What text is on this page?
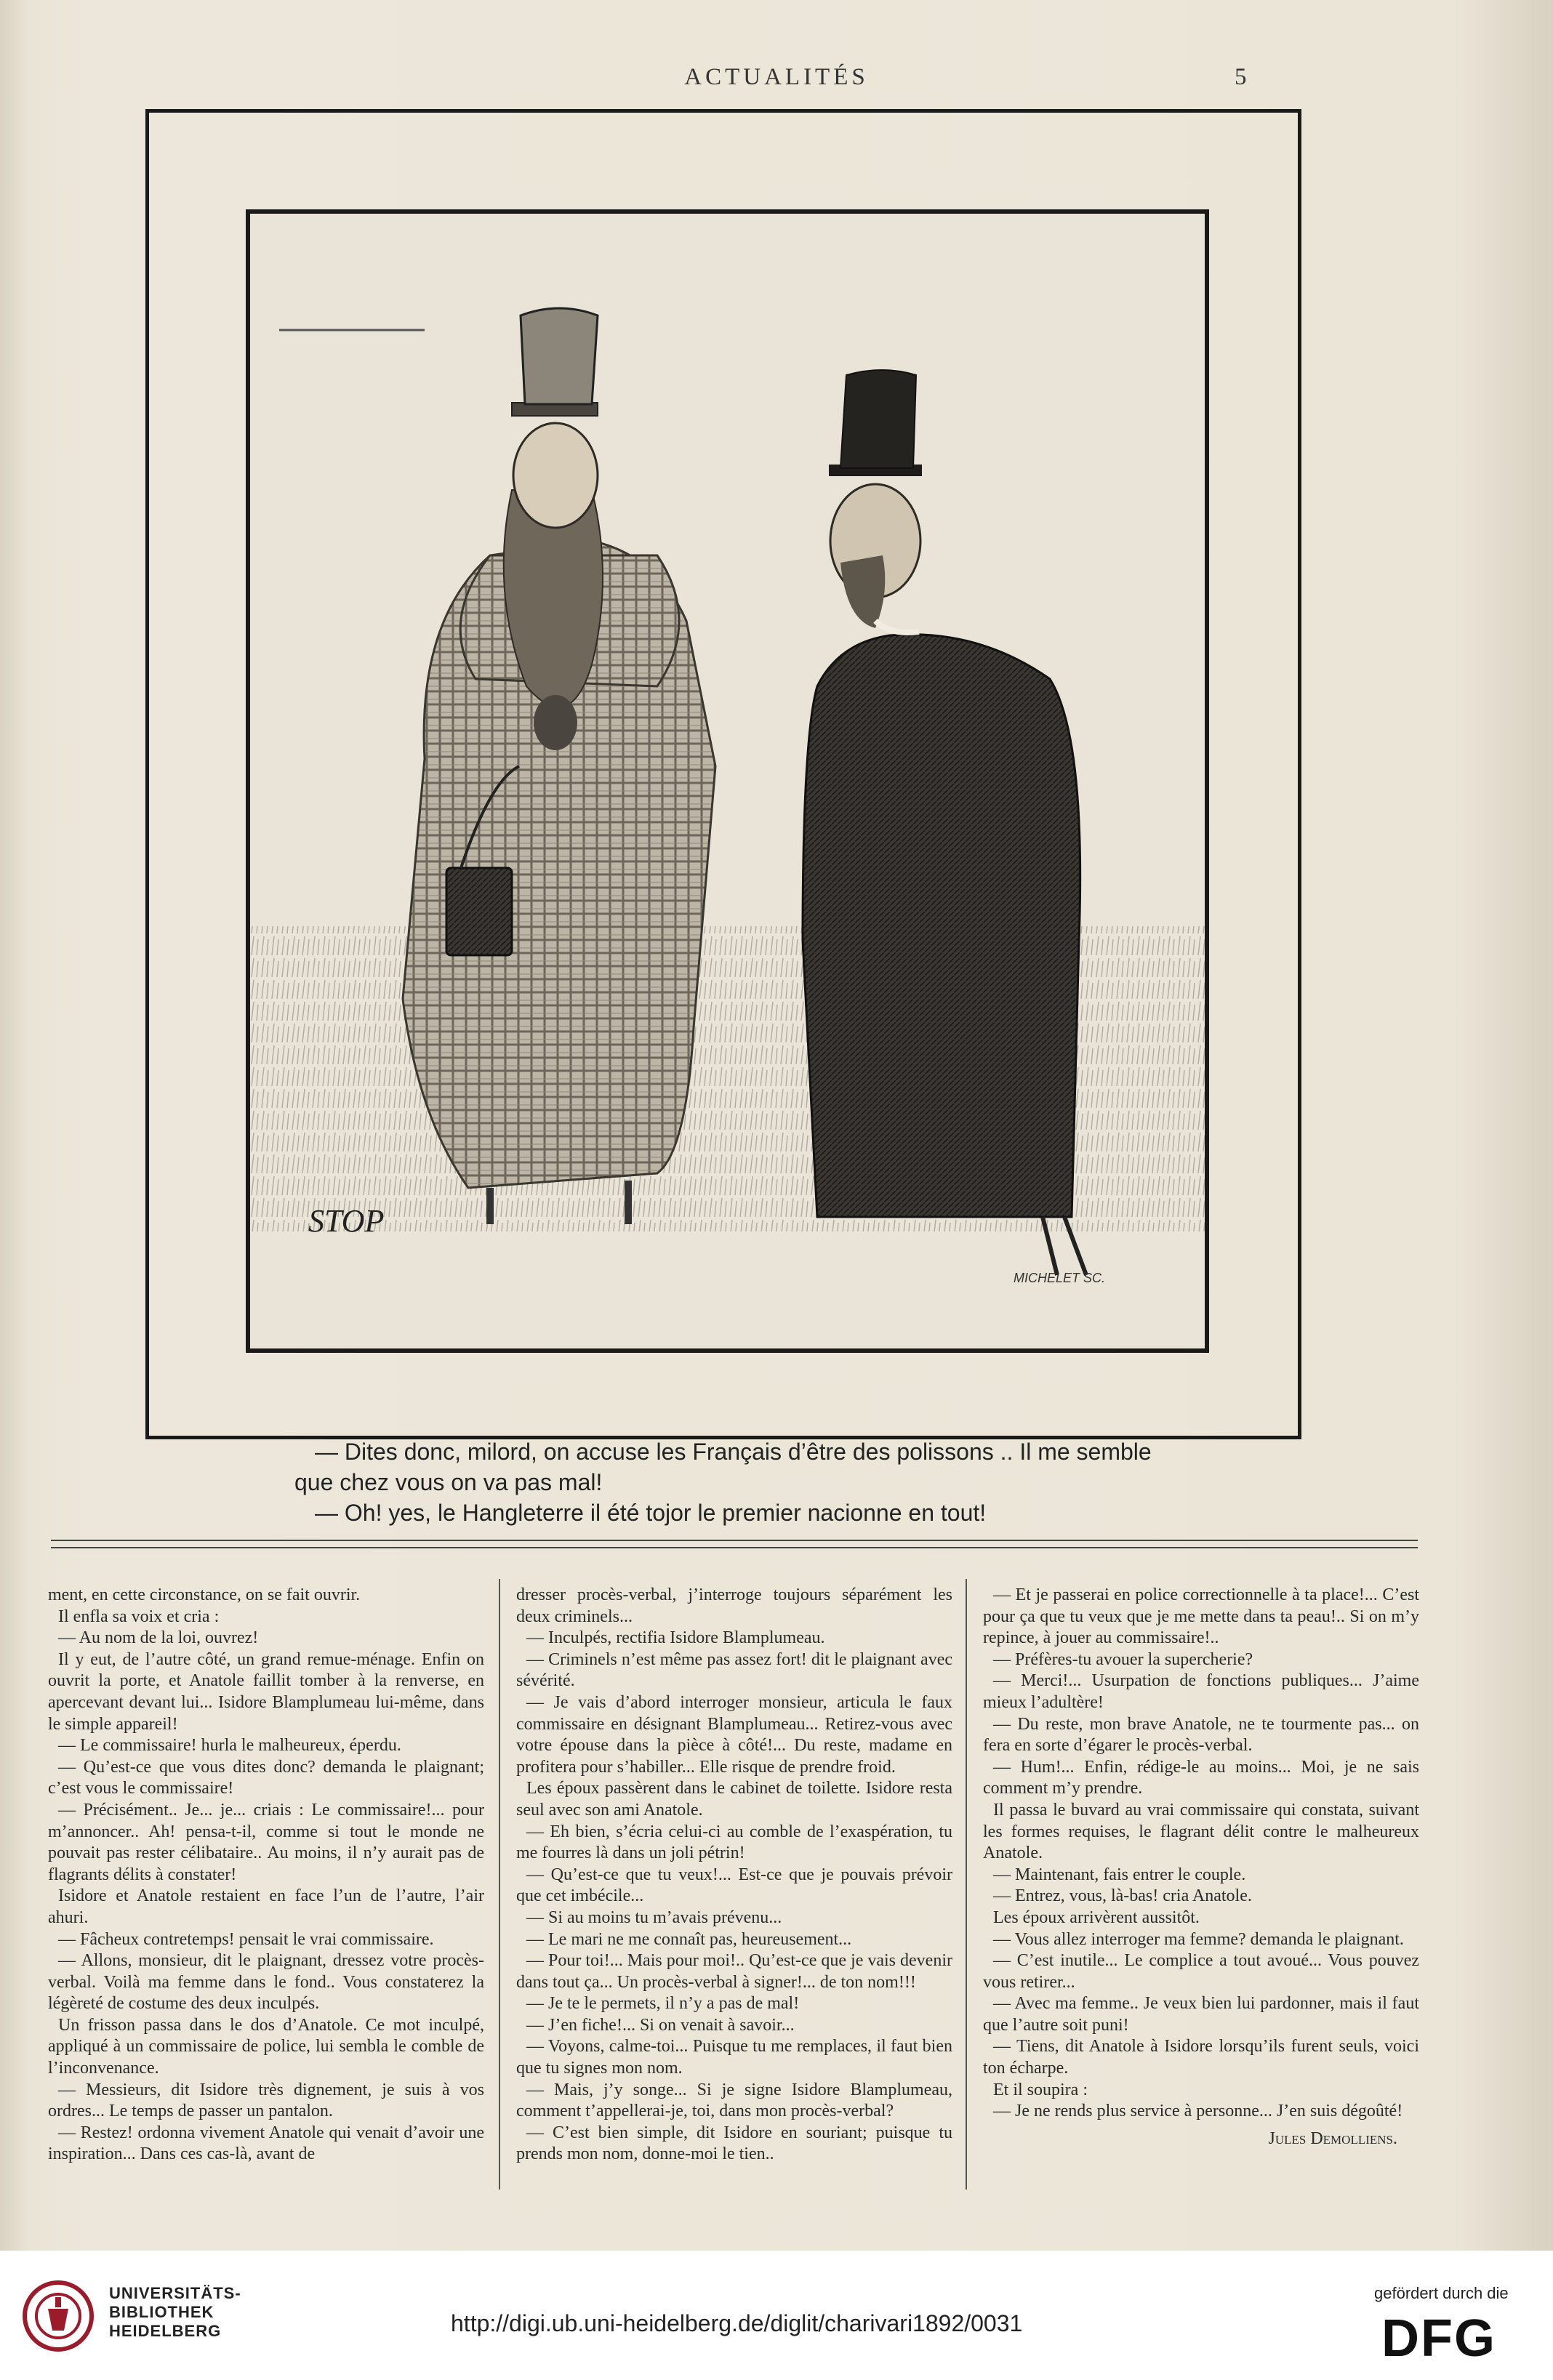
ACTUALITÉS	5
STOP
MICHELET SC.

— Dites donc, milord, on accuse les Français d’être des polissons .. Il me semble

que chez vous on va pas mal!

— Oh! yes, le Hangleterre il été tojor le premier nacionne en tout!

ment, en cette circonstance, on se fait ouvrir.

Il enfla sa voix et cria :

— Au nom de la loi, ouvrez!

Il y eut, de l’autre côté, un grand remue-ménage. Enfin on ouvrit la porte, et Anatole faillit tomber à la renverse, en apercevant devant lui... Isidore Blamplumeau lui-même, dans le simple appareil!

— Le commissaire! hurla le malheureux, éperdu.

— Qu’est-ce que vous dites donc? demanda le plaignant; c’est vous le commissaire!

— Précisément.. Je... je... criais : Le commissaire!... pour m’annoncer.. Ah! pensa-t-il, comme si tout le monde ne pouvait pas rester célibataire.. Au moins, il n’y aurait pas de flagrants délits à constater!

Isidore et Anatole restaient en face l’un de l’autre, l’air ahuri.

— Fâcheux contretemps! pensait le vrai commissaire.

— Allons, monsieur, dit le plaignant, dressez votre procès-verbal. Voilà ma femme dans le fond.. Vous constaterez la légèreté de costume des deux inculpés.

Un frisson passa dans le dos d’Anatole. Ce mot inculpé, appliqué à un commissaire de police, lui sembla le comble de l’inconvenance.

— Messieurs, dit Isidore très dignement, je suis à vos ordres... Le temps de passer un pantalon.

— Restez! ordonna vivement Anatole qui venait d’avoir une inspiration... Dans ces cas-là, avant de

dresser procès-verbal, j’interroge toujours séparément les deux criminels...

— Inculpés, rectifia Isidore Blamplumeau.

— Criminels n’est même pas assez fort! dit le plaignant avec sévérité.

— Je vais d’abord interroger monsieur, articula le faux commissaire en désignant Blamplumeau... Retirez-vous avec votre épouse dans la pièce à côté!... Du reste, madame en profitera pour s’habiller... Elle risque de prendre froid.

Les époux passèrent dans le cabinet de toilette. Isidore resta seul avec son ami Anatole.

— Eh bien, s’écria celui-ci au comble de l’exaspération, tu me fourres là dans un joli pétrin!

— Qu’est-ce que tu veux!... Est-ce que je pouvais prévoir que cet imbécile...

— Si au moins tu m’avais prévenu...

— Le mari ne me connaît pas, heureusement...

— Pour toi!... Mais pour moi!.. Qu’est-ce que je vais devenir dans tout ça... Un procès-verbal à signer!... de ton nom!!!

— Je te le permets, il n’y a pas de mal!

— J’en fiche!... Si on venait à savoir...

— Voyons, calme-toi... Puisque tu me remplaces, il faut bien que tu signes mon nom.

— Mais, j’y songe... Si je signe Isidore Blamplumeau, comment t’appellerai-je, toi, dans mon procès-verbal?

— C’est bien simple, dit Isidore en souriant; puisque tu prends mon nom, donne-moi le tien..

— Et je passerai en police correctionnelle à ta place!... C’est pour ça que tu veux que je me mette dans ta peau!.. Si on m’y repince, à jouer au commissaire!..

— Préfères-tu avouer la supercherie?

— Merci!... Usurpation de fonctions publiques... J’aime mieux l’adultère!

— Du reste, mon brave Anatole, ne te tourmente pas... on fera en sorte d’égarer le procès-verbal.

— Hum!... Enfin, rédige-le au moins... Moi, je ne sais comment m’y prendre.

Il passa le buvard au vrai commissaire qui constata, suivant les formes requises, le flagrant délit contre le malheureux Anatole.

— Maintenant, fais entrer le couple.

— Entrez, vous, là-bas! cria Anatole.

Les époux arrivèrent aussitôt.

— Vous allez interroger ma femme? demanda le plaignant.

— C’est inutile... Le complice a tout avoué... Vous pouvez vous retirer...

— Avec ma femme.. Je veux bien lui pardonner, mais il faut que l’autre soit puni!

— Tiens, dit Anatole à Isidore lorsqu’ils furent seuls, voici ton écharpe.

Et il soupira :

— Je ne rends plus service à personne... J’en suis dégoûté!

Jules Demolliens.

UNIVERSITÄTS-
BIBLIOTHEK
HEIDELBERG	http://digi.ub.uni-heidelberg.de/diglit/charivari1892/0031
gefördert durch die
DFG
